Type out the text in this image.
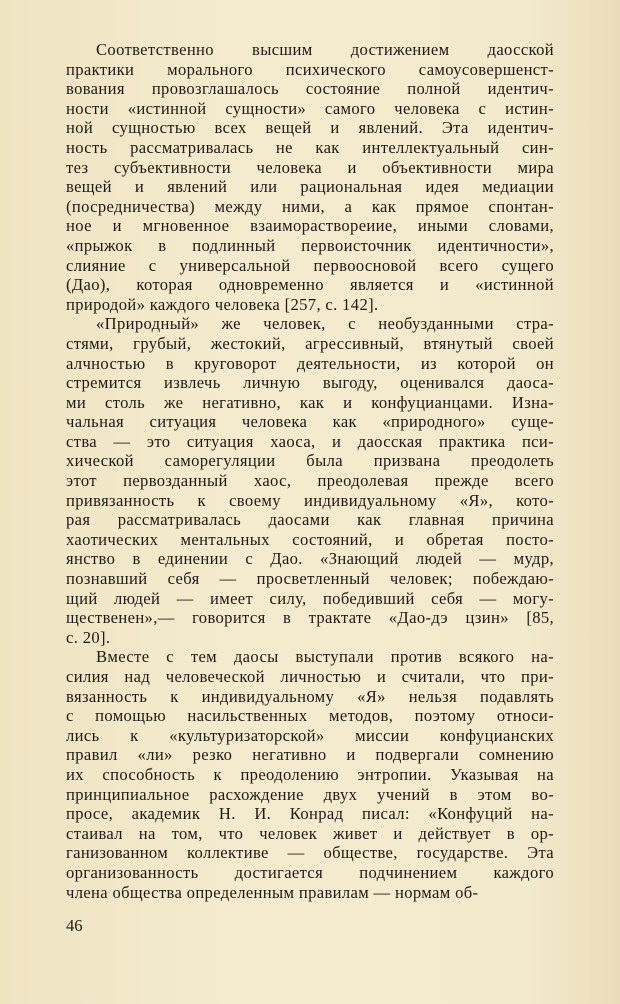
Соответственно высшим достижением даосской
практики морального психического самоусовершенст-
вования провозглашалось состояние полной идентич-
ности «истинной сущности» самого человека с истин-
ной сущностью всех вещей и явлений. Эта идентич-
ность рассматривалась не как интеллектуальный син-
тез субъективности человека и объективности мира
вещей и явлений или рациональная идея медиации
(посредничества) между ними, а как прямое спонтан-
ное и мгновенное взаимораствореиие, иными словами,
«прыжок в подлинный первоисточник идентичности»,
слияние с универсальной первоосновой всего сущего
(Дао), которая одновременно является и «истинной
природой» каждого человека [257, с. 142].
«Природный» же человек, с необузданными стра-
стями, грубый, жестокий, агрессивный, втянутый своей
алчностью в круговорот деятельности, из которой он
стремится извлечь личную выгоду, оценивался даоса-
ми столь же негативно, как и конфуцианцами. Изна-
чальная ситуация человека как «природного» суще-
ства — это ситуация хаоса, и даосская практика пси-
хической саморегуляции была призвана преодолеть
этот первозданный хаос, преодолевая прежде всего
привязанность к своему индивидуальному «Я», кото-
рая рассматривалась даосами как главная причина
хаотических ментальных состояний, и обретая посто-
янство в единении с Дао. «Знающий людей — мудр,
познавший себя — просветленный человек; побеждаю-
щий людей — имеет силу, победивший себя — могу-
щественен»,— говорится в трактате «Дао-дэ цзин» [85,
с. 20].
Вместе с тем даосы выступали против всякого на-
силия над человеческой личностью и считали, что при-
вязанность к индивидуальному «Я» нельзя подавлять
с помощью насильственных методов, поэтому относи-
лись к «культуризаторской» миссии конфуцианских
правил «ли» резко негативно и подвергали сомнению
их способность к преодолению энтропии. Указывая на
принципиальное расхождение двух учений в этом во-
просе, академик Н. И. Конрад писал: «Конфуций на-
стаивал на том, что человек живет и действует в ор-
ганизованном коллективе — обществе, государстве. Эта
организованность достигается подчинением каждого
члена общества определенным правилам — нормам об-
46
